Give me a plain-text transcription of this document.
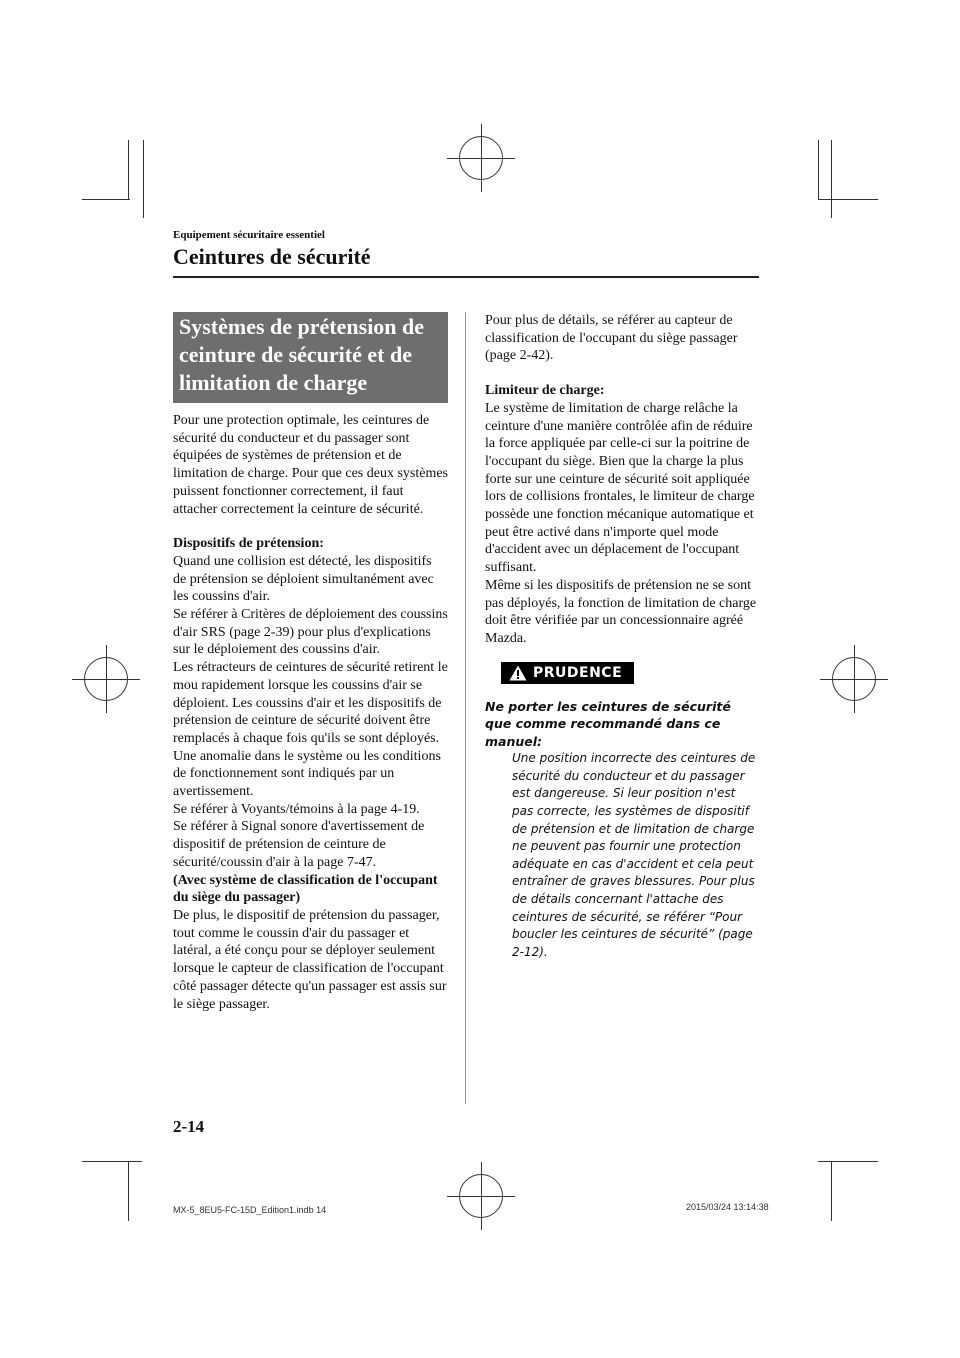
Equipement sécuritaire essentiel
Ceintures de sécurité
Systèmes de prétension de ceinture de sécurité et de limitation de charge

Pour une protection optimale, les ceintures de sécurité du conducteur et du passager sont équipées de systèmes de prétension et de limitation de charge. Pour que ces deux systèmes puissent fonctionner correctement, il faut attacher correctement la ceinture de sécurité.

Dispositifs de prétension:

Quand une collision est détecté, les dispositifs de prétension se déploient simultanément avec les coussins d'air.

Se référer à Critères de déploiement des coussins d'air SRS (page 2-39) pour plus d'explications sur le déploiement des coussins d'air.

Les rétracteurs de ceintures de sécurité retirent le mou rapidement lorsque les coussins d'air se déploient. Les coussins d'air et les dispositifs de prétension de ceinture de sécurité doivent être remplacés à chaque fois qu'ils se sont déployés.

Une anomalie dans le système ou les conditions de fonctionnement sont indiqués par un avertissement.

Se référer à Voyants/témoins à la page 4-19.

Se référer à Signal sonore d'avertissement de dispositif de prétension de ceinture de sécurité/coussin d'air à la page 7-47.

(Avec système de classification de l'occupant du siège du passager)

De plus, le dispositif de prétension du passager, tout comme le coussin d'air du passager et latéral, a été conçu pour se déployer seulement lorsque le capteur de classification de l'occupant côté passager détecte qu'un passager est assis sur le siège passager.

Pour plus de détails, se référer au capteur de classification de l'occupant du siège passager (page 2-42).

Limiteur de charge:

Le système de limitation de charge relâche la ceinture d'une manière contrôlée afin de réduire la force appliquée par celle-ci sur la poitrine de l'occupant du siège. Bien que la charge la plus forte sur une ceinture de sécurité soit appliquée lors de collisions frontales, le limiteur de charge possède une fonction mécanique automatique et peut être activé dans n'importe quel mode d'accident avec un déplacement de l'occupant suffisant.

Même si les dispositifs de prétension ne se sont pas déployés, la fonction de limitation de charge doit être vérifiée par un concessionnaire agréé Mazda.

PRUDENCE

Ne porter les ceintures de sécurité que comme recommandé dans ce manuel:

Une position incorrecte des ceintures de sécurité du conducteur et du passager est dangereuse. Si leur position n'est pas correcte, les systèmes de dispositif de prétension et de limitation de charge ne peuvent pas fournir une protection adéquate en cas d'accident et cela peut entraîner de graves blessures. Pour plus de détails concernant l'attache des ceintures de sécurité, se référer “Pour boucler les ceintures de sécurité” (page 2-12).

2-14
MX-5_8EU5-FC-15D_Edition1.indb 14	2015/03/24 13:14:38
